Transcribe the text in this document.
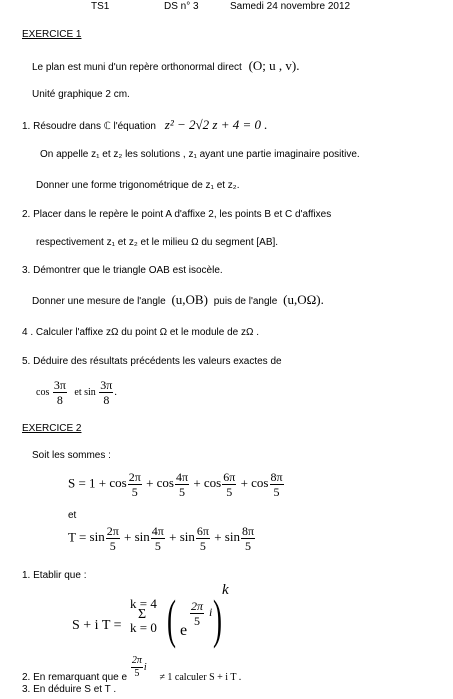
TS1	DS n° 3	Samedi 24 novembre 2012
EXERCICE 1
Le plan est muni d'un repère orthonormal direct (O; u , v).
Unité graphique 2 cm.
1. Résoudre dans ℂ l'équation z² − 2√2 z + 4 = 0 .
On appelle z₁ et z₂ les solutions , z₁ ayant une partie imaginaire positive.
Donner une forme trigonométrique de z₁ et z₂.
2. Placer dans le repère le point A d'affixe 2, les points B et C d'affixes
respectivement z₁ et z₂ et le milieu Ω du segment [AB].
3. Démontrer que le triangle OAB est isocèle.
Donner une mesure de l'angle (u,OB) puis de l'angle (u,OΩ).
4 . Calculer l'affixe zΩ du point Ω et le module de zΩ .
5. Déduire des résultats précédents les valeurs exactes de
$\cos \frac{3\pi}{8}$ et $\sin \frac{3\pi}{8}$ .
EXERCICE 2
Soit les sommes :
$S = 1 + \cos \frac{2\pi}{5} + \cos \frac{4\pi}{5} + \cos \frac{6\pi}{5} + \cos \frac{8\pi}{5}$
et
$T = \sin \frac{2\pi}{5} + \sin \frac{4\pi}{5} + \sin \frac{6\pi}{5} + \sin \frac{8\pi}{5}$
1. Etablir que :
S + i T =
k = 4
Σ
k = 0 ( e
$\frac{2\pi}{5}$ i ) k
2. En remarquant que e $\frac{2\pi}{5}$ i ≠ 1 calculer S + i T .
3. En déduire S et T .
